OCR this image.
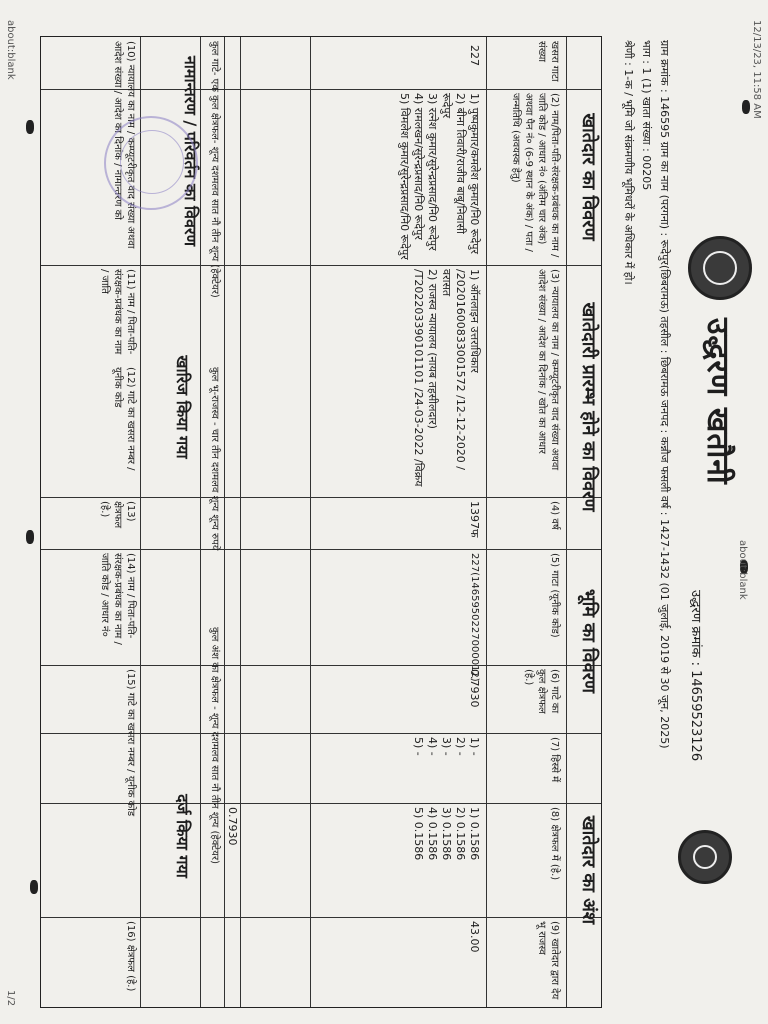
12/13/23, 11:58 AM
about:blank
about:blank
1/2
उद्धरण खतौनी
उद्धरण क्रमांक : 14659523126
ग्राम क्रमांक : 146595 ग्राम का नाम (परगना) : रूदेपुर(छिबरामऊ) तहसील : छिबरामऊ जनपद : कन्नौज फसली वर्ष : 1427-1432 (01 जुलाई, 2019 से 30 जून, 2025)
भाग : 1 (1) खाता संख्या : 00205
श्रेणी : 1-क / भूमि जो संक्रमणीय भूमिधरों के अधिकार में हो।
खातेदार का विवरण
खातेदारी प्रारम्भ होने का विवरण
भूमि का विवरण
खातेदार का अंश
खसरा गाटा संख्या
(2) नाम/पिता-पति-संरक्षक-प्रबंधक का नाम /जाति कोड / आधार नं० (अंतिम चार अंक) अथवा पैन नं० (6-9 स्थान के अंक) / पता / जन्मतिथि (अवयस्क हेतु)
(3) न्यायालय का नाम / कम्प्यूटरीकृत वाद संख्या अथवा आदेश संख्या / आदेश का दिनांक / खोत का आधार
(4) वर्ष
(5) गाटा (यूनीक कोड)
(6) गाटे का कुल क्षेत्रफल (हे.)
(7) हिस्से में
(8) क्षेत्रफल में (हे.)
(9) खातेदार द्वारा देय भू राजस्व
227
1) पुष्पकुमार/कमलेश कुमार/नि0 रूदेपुर
2) बीना तिवारी/राजीव बाबू/निवासी रूदेपुर
3) रत्नेश कुमार/सुरेन्द्रप्रसाद/नि0 रूदेपुर
4) रामलखन/सुरेन्द्रप्रसाद/नि0 रूदेपुर
5) विमलेश कुमार/सुरेन्द्रप्रसाद/नि0 रूदेपुर
1) ऑनलाइन उत्तराधिकार /20201600833001572 /12-12-2020 /वरासत
2) राजस्व न्यायालय (नायब तहसीलदार) /T202203390101101 /24-03-2022 /विक्रय
1397फ
227(1465950227000012)
0.7930
1) -
2) -
3) -
4) -
5) -
1) 0.1586
2) 0.1586
3) 0.1586
4) 0.1586
5) 0.1586
43.00
0.7930
कुल गाटे- एक कुल क्षेत्रफल- शून्य दशमलव सात नौ तीन शून्य (हेक्टेयर)
कुल भू-राजस्व - चार तीन दशमलव शून्य शून्य रुपये
कुल अंश का क्षेत्रफल - शून्य दशमलव सात नौ तीन शून्य (हेक्टेयर)
नामान्तरण / परिवर्तन का विवरण
खारिज किया गया
दर्ज किया गया
(10) न्यायालय का नाम / कम्प्यूटरीकृत वाद संख्या अथवा आदेश संख्या / आदेश का दिनांक / नामान्तरण को
(11) नाम / पिता-पति-संरक्षक-प्रबंधक का नाम / जाति
(12) गाटे का खसरा नम्बर / यूनीक कोड
(13) क्षेत्रफल (हे.)
(14) नाम / पिता-पति-संरक्षक-प्रबंधक का नाम / जाति कोड / आधार नं०
(15) गाटे का खसरा नम्बर / यूनीक कोड
(16) क्षेत्रफल (हे.)
